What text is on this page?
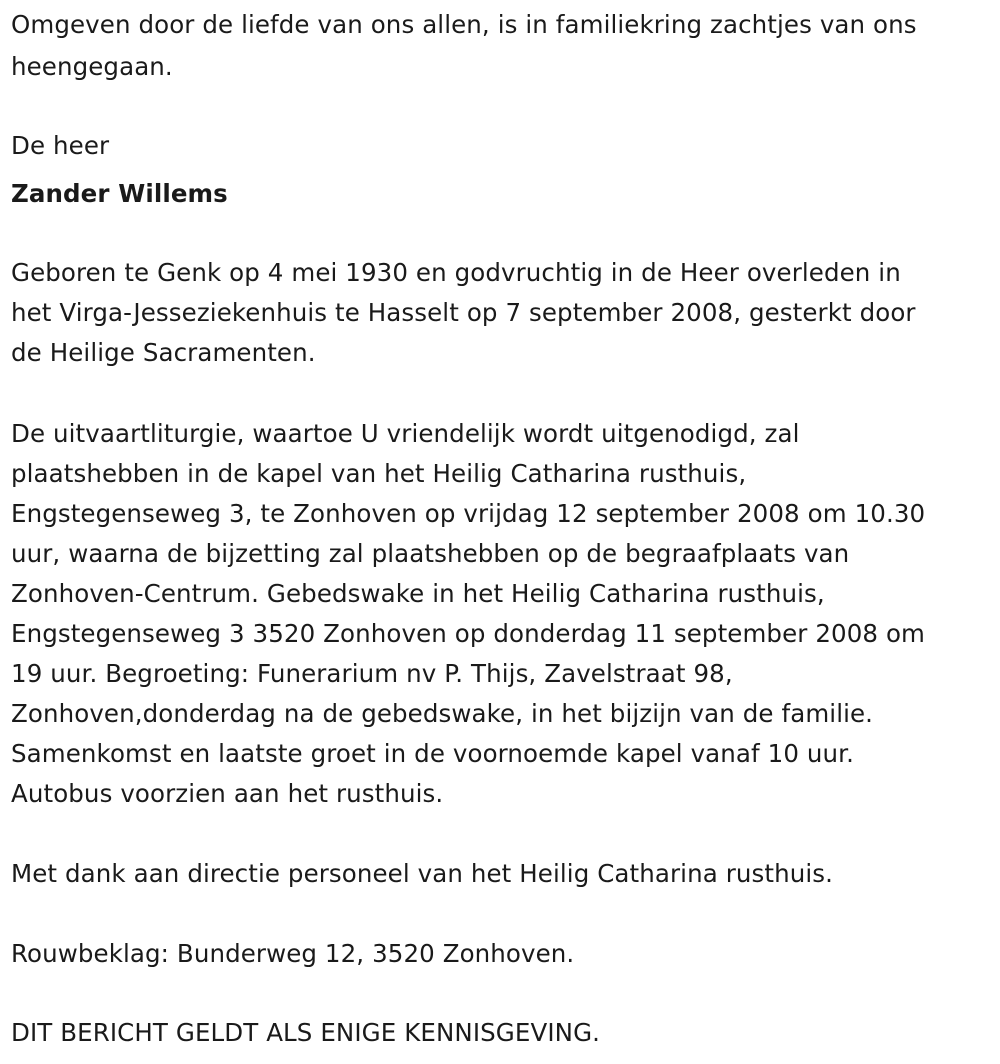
Omgeven door de liefde van ons allen, is in familiekring zachtjes van ons

heengegaan.

De heer

Zander Willems

Geboren te Genk op 4 mei 1930 en godvruchtig in de Heer overleden in

het Virga-Jesseziekenhuis te Hasselt op 7 september 2008, gesterkt door

de Heilige Sacramenten.

De uitvaartliturgie, waartoe U vriendelijk wordt uitgenodigd, zal

plaatshebben in de kapel van het Heilig Catharina rusthuis,

Engstegenseweg 3, te Zonhoven op vrijdag 12 september 2008 om 10.30

uur, waarna de bijzetting zal plaatshebben op de begraafplaats van

Zonhoven-Centrum. Gebedswake in het Heilig Catharina rusthuis,

Engstegenseweg 3 3520 Zonhoven op donderdag 11 september 2008 om

19 uur. Begroeting: Funerarium nv P. Thijs, Zavelstraat 98,

Zonhoven,donderdag na de gebedswake, in het bijzijn van de familie.

Samenkomst en laatste groet in de voornoemde kapel vanaf 10 uur.

Autobus voorzien aan het rusthuis.

Met dank aan directie personeel van het Heilig Catharina rusthuis.

Rouwbeklag: Bunderweg 12, 3520 Zonhoven.

DIT BERICHT GELDT ALS ENIGE KENNISGEVING.
